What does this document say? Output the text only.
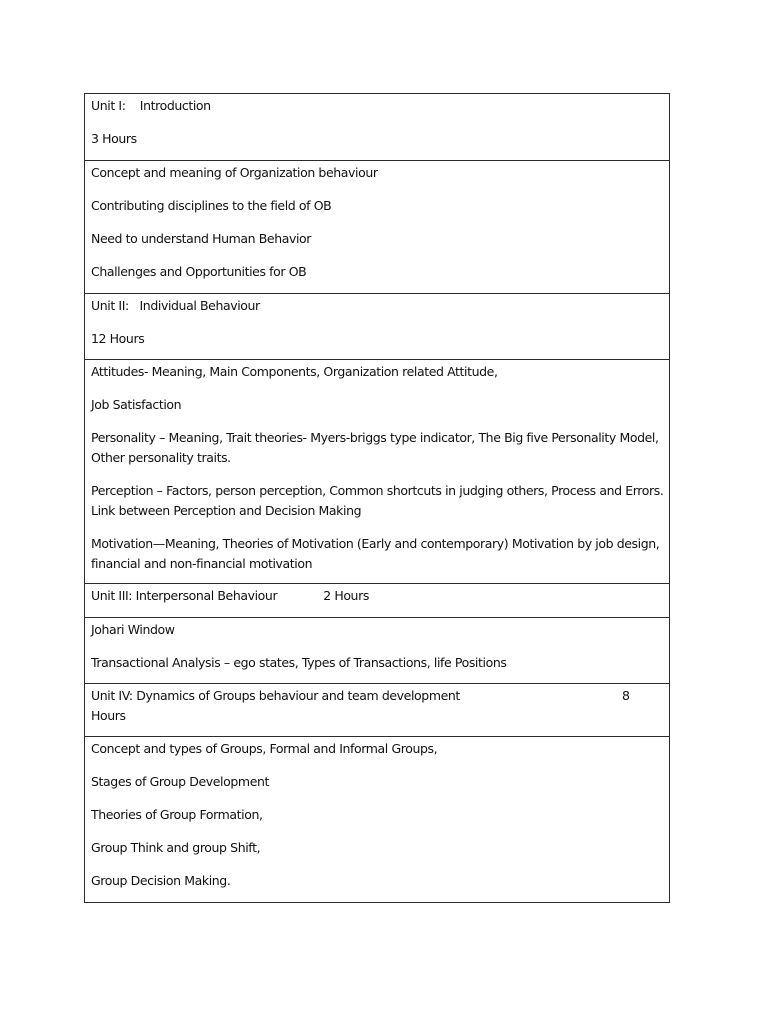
Unit I:    Introduction

3 Hours

Concept and meaning of Organization behaviour

Contributing disciplines to the field of OB

Need to understand Human Behavior

Challenges and Opportunities for OB

Unit II:   Individual Behaviour

12 Hours

Attitudes- Meaning, Main Components, Organization related Attitude,

Job Satisfaction

Personality – Meaning, Trait theories- Myers-briggs type indicator, The Big five Personality Model, Other personality traits.

Perception – Factors, person perception, Common shortcuts in judging others, Process and Errors. Link between Perception and Decision Making

Motivation—Meaning, Theories of Motivation (Early and contemporary) Motivation by job design, financial and non-financial motivation

Unit III: Interpersonal Behaviour	2 Hours

Johari Window

Transactional Analysis – ego states, Types of Transactions, life Positions

Unit IV: Dynamics of Groups behaviour and team development	8

Hours

Concept and types of Groups, Formal and Informal Groups,

Stages of Group Development

Theories of Group Formation,

Group Think and group Shift,

Group Decision Making.
